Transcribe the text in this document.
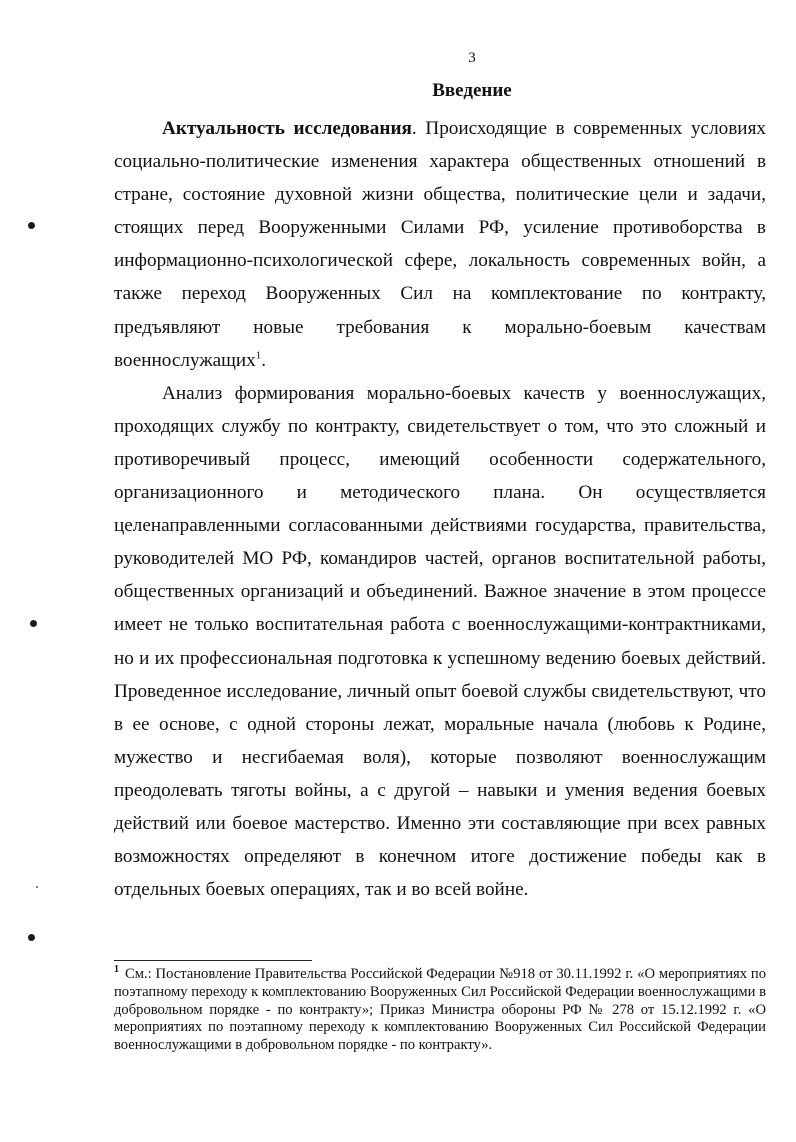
3
Введение

Актуальность исследования. Происходящие в современных условиях социально-политические изменения характера общественных отношений в стране, состояние духовной жизни общества, политические цели и задачи, стоящих перед Вооруженными Силами РФ, усиление противоборства в информационно-психологической сфере, локальность современных войн, а также переход Вооруженных Сил на комплектование по контракту, предъявляют новые требования к морально-боевым качествам военнослужащих$^1$.

Анализ формирования морально-боевых качеств у военнослужащих, проходящих службу по контракту, свидетельствует о том, что это сложный и противоречивый процесс, имеющий особенности содержательного, организационного и методического плана. Он осуществляется целенаправленными согласованными действиями государства, правительства, руководителей МО РФ, командиров частей, органов воспитательной работы, общественных организаций и объединений. Важное значение в этом процессе имеет не только воспитательная работа с военнослужащими-контрактниками, но и их профессиональная подготовка к успешному ведению боевых действий. Проведенное исследование, личный опыт боевой службы свидетельствуют, что в ее основе, с одной стороны лежат, моральные начала (любовь к Родине, мужество и несгибаемая воля), которые позволяют военнослужащим преодолевать тяготы войны, а с другой – навыки и умения ведения боевых действий или боевое мастерство. Именно эти составляющие при всех равных возможностях определяют в конечном итоге достижение победы как в отдельных боевых операциях, так и во всей войне.

$^1$ См.: Постановление Правительства Российской Федерации №918 от 30.11.1992 г. «О мероприятиях по поэтапному переходу к комплектованию Вооруженных Сил Российской Федерации военнослужащими в добровольном порядке - по контракту»; Приказ Министра обороны РФ № 278 от 15.12.1992 г. «О мероприятиях по поэтапному переходу к комплектованию Вооруженных Сил Российской Федерации военнослужащими в добровольном порядке - по контракту».
